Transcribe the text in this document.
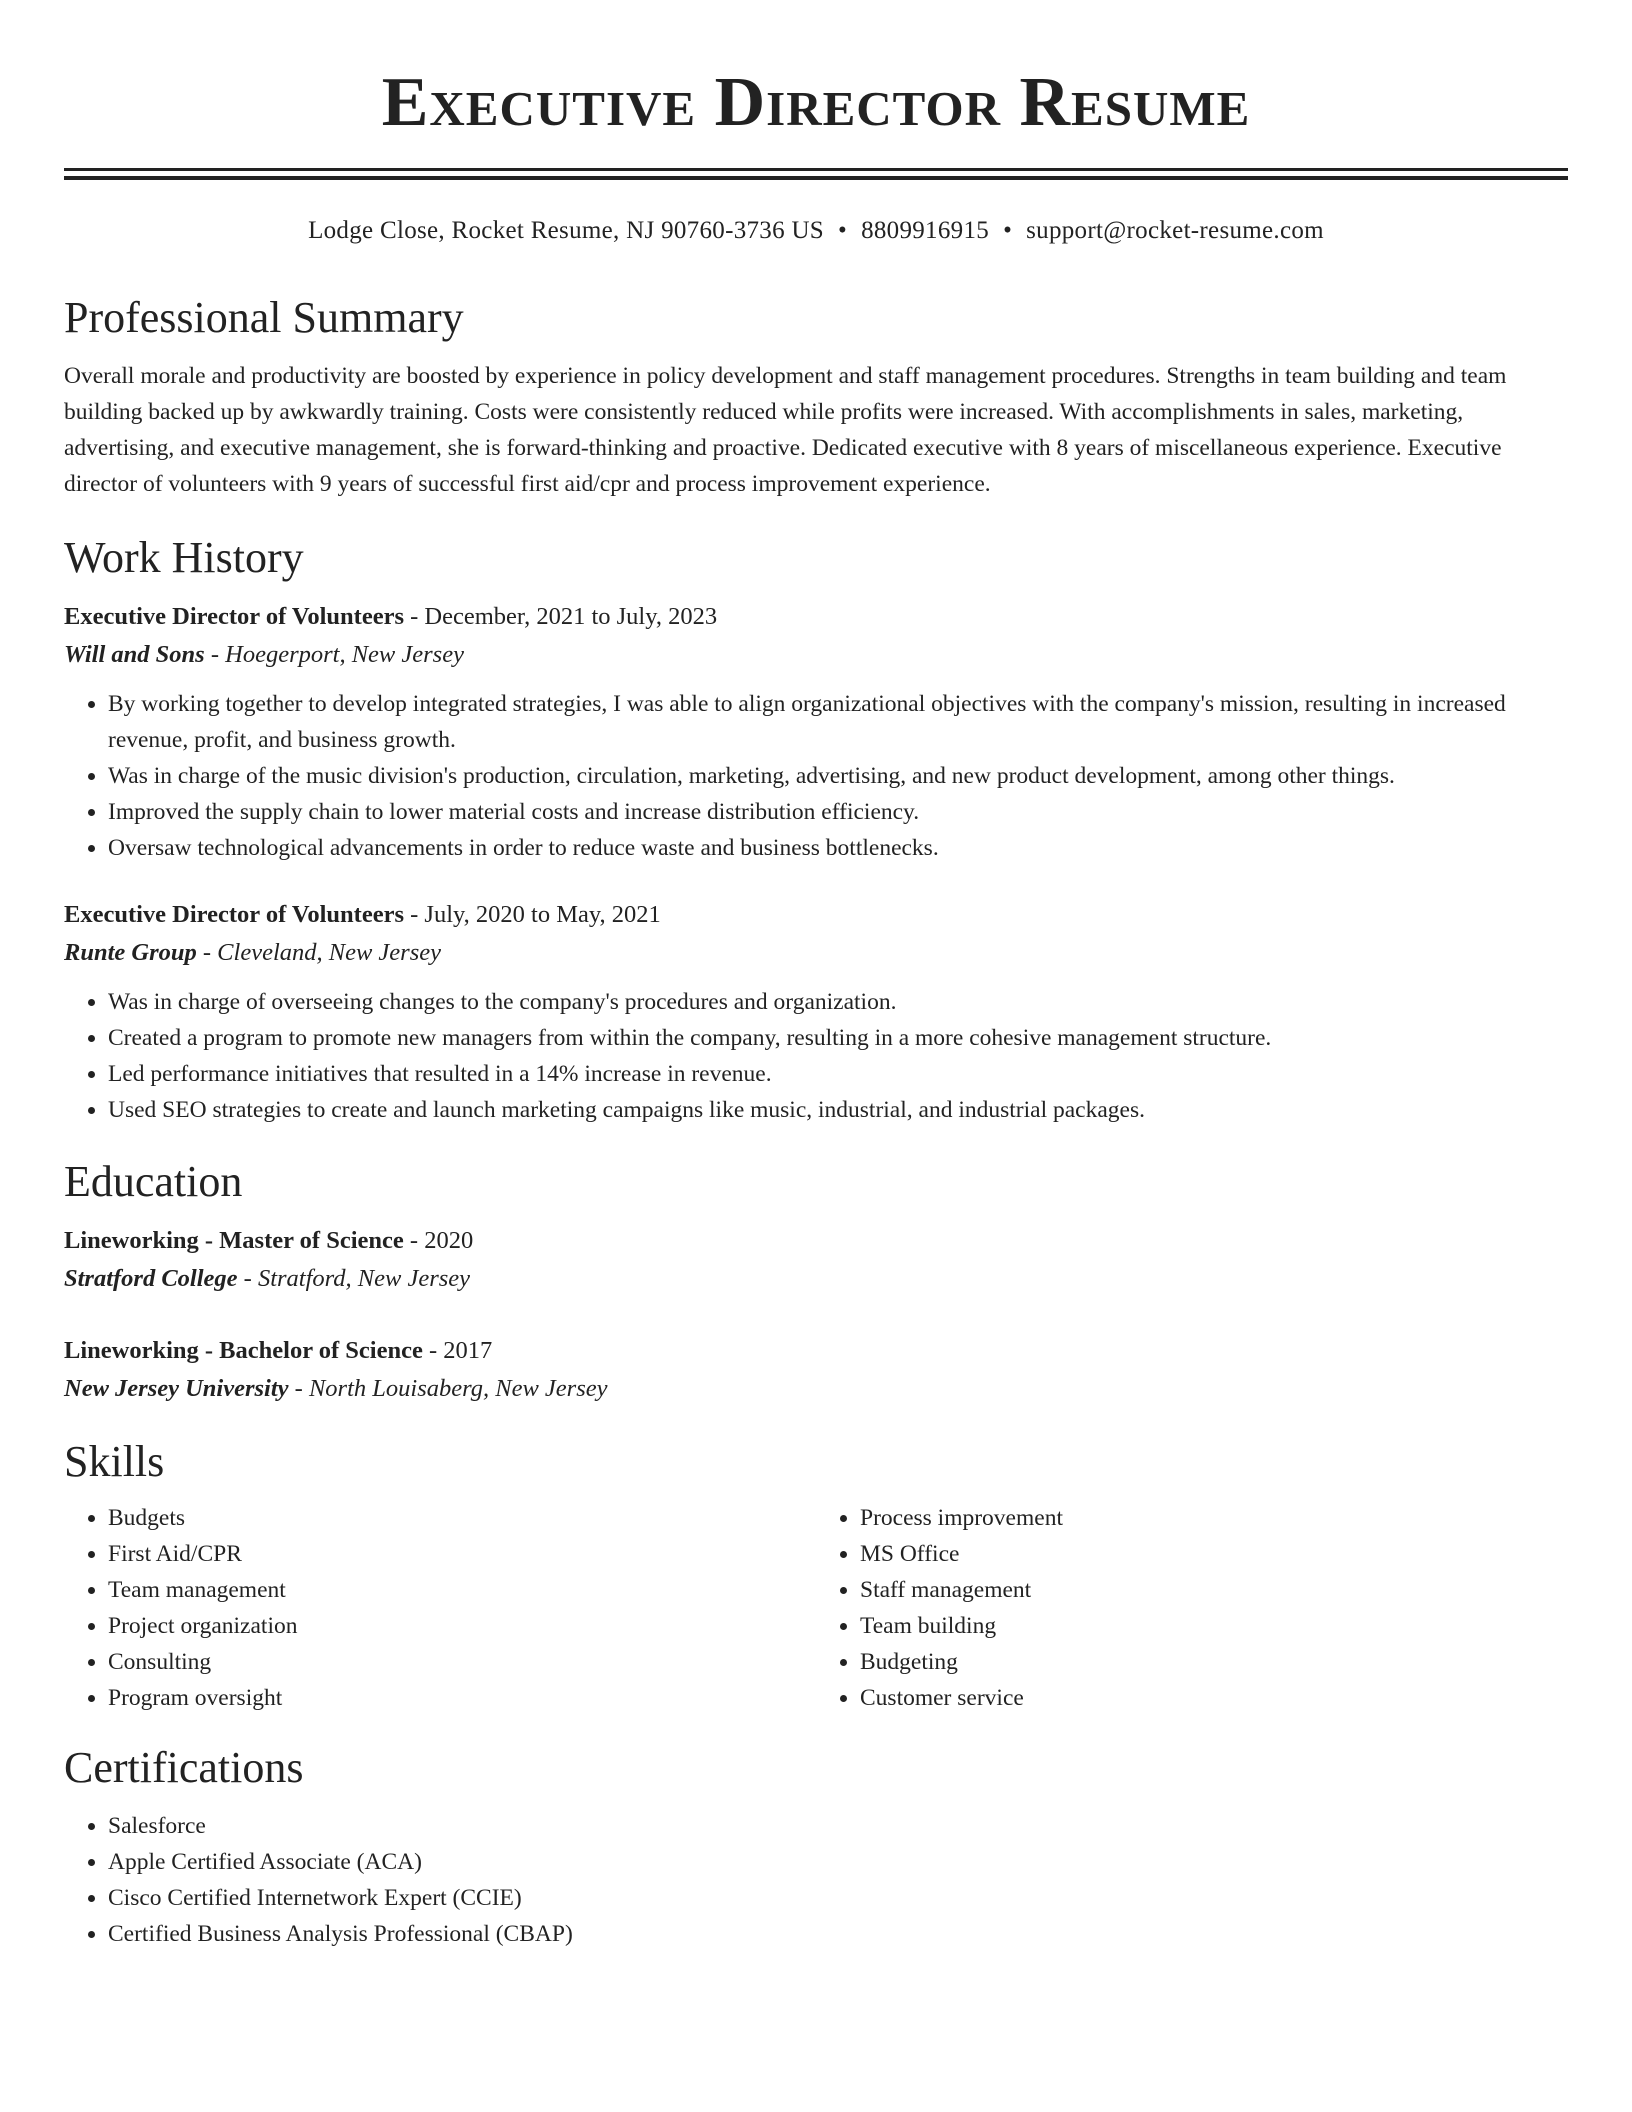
Executive Director Resume
Lodge Close, Rocket Resume, NJ 90760-3736 US • 8809916915 • support@rocket-resume.com
Professional Summary

Overall morale and productivity are boosted by experience in policy development and staff management procedures. Strengths in team building and team building backed up by awkwardly training. Costs were consistently reduced while profits were increased. With accomplishments in sales, marketing, advertising, and executive management, she is forward-thinking and proactive. Dedicated executive with 8 years of miscellaneous experience. Executive director of volunteers with 9 years of successful first aid/cpr and process improvement experience.

Work History
Executive Director of Volunteers - December, 2021 to July, 2023
Will and Sons - Hoegerport, New Jersey
• By working together to develop integrated strategies, I was able to align organizational objectives with the company's mission, resulting in increased revenue, profit, and business growth.
• Was in charge of the music division's production, circulation, marketing, advertising, and new product development, among other things.
• Improved the supply chain to lower material costs and increase distribution efficiency.
• Oversaw technological advancements in order to reduce waste and business bottlenecks.
Executive Director of Volunteers - July, 2020 to May, 2021
Runte Group - Cleveland, New Jersey
• Was in charge of overseeing changes to the company's procedures and organization.
• Created a program to promote new managers from within the company, resulting in a more cohesive management structure.
• Led performance initiatives that resulted in a 14% increase in revenue.
• Used SEO strategies to create and launch marketing campaigns like music, industrial, and industrial packages.
Education
Lineworking - Master of Science - 2020
Stratford College - Stratford, New Jersey
Lineworking - Bachelor of Science - 2017
New Jersey University - North Louisaberg, New Jersey
Skills
• Budgets
• First Aid/CPR
• Team management
• Project organization
• Consulting
• Program oversight
• Process improvement
• MS Office
• Staff management
• Team building
• Budgeting
• Customer service
Certifications
• Salesforce
• Apple Certified Associate (ACA)
• Cisco Certified Internetwork Expert (CCIE)
• Certified Business Analysis Professional (CBAP)
